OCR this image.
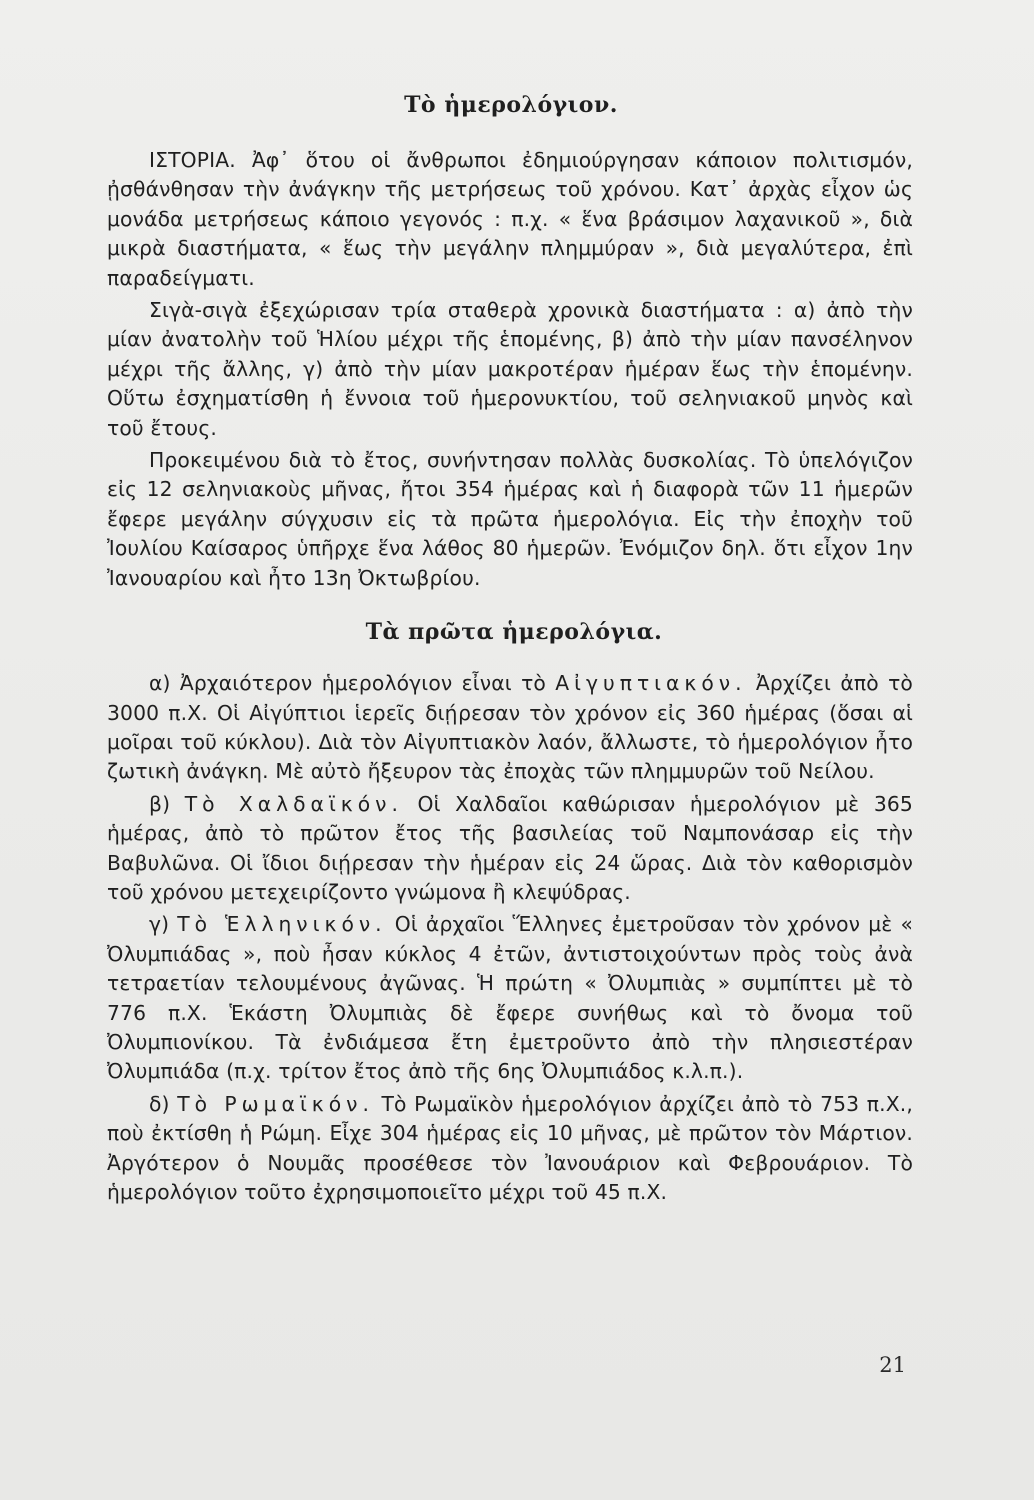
Τὸ ἡμερολόγιον.

ΙΣΤΟΡΙΑ. Ἀφ᾽ ὅτου οἱ ἄνθρωποι ἐδημιούργησαν κάποιον πολιτισμόν, ᾐσθάνθησαν τὴν ἀνάγκην τῆς μετρήσεως τοῦ χρόνου. Κατ᾽ ἀρχὰς εἶχον ὡς μονάδα μετρήσεως κάποιο γεγονός : π.χ. « ἕνα βράσιμον λαχανικοῦ », διὰ μικρὰ διαστήματα, « ἕως τὴν μεγάλην πλημμύραν », διὰ μεγαλύτερα, ἐπὶ παραδείγματι.

Σιγὰ-σιγὰ ἐξεχώρισαν τρία σταθερὰ χρονικὰ διαστήματα : α) ἀπὸ τὴν μίαν ἀνατολὴν τοῦ Ἡλίου μέχρι τῆς ἑπομένης, β) ἀπὸ τὴν μίαν πανσέληνον μέχρι τῆς ἄλλης, γ) ἀπὸ τὴν μίαν μακροτέραν ἡμέραν ἕως τὴν ἑπομένην. Οὕτω ἐσχηματίσθη ἡ ἔννοια τοῦ ἡμερονυκτίου, τοῦ σεληνιακοῦ μηνὸς καὶ τοῦ ἔτους.

Προκειμένου διὰ τὸ ἔτος, συνήντησαν πολλὰς δυσκολίας. Τὸ ὑπελόγιζον εἰς 12 σεληνιακοὺς μῆνας, ἤτοι 354 ἡμέρας καὶ ἡ διαφορὰ τῶν 11 ἡμερῶν ἔφερε μεγάλην σύγχυσιν εἰς τὰ πρῶτα ἡμερολόγια. Εἰς τὴν ἐποχὴν τοῦ Ἰουλίου Καίσαρος ὑπῆρχε ἕνα λάθος 80 ἡμερῶν. Ἐνόμιζον δηλ. ὅτι εἶχον 1ην Ἰανουαρίου καὶ ἦτο 13η Ὀκτωβρίου.

Τὰ πρῶτα ἡμερολόγια.

α) Ἀρχαιότερον ἡμερολόγιον εἶναι τὸ Αἰγυπτιακόν. Ἀρχίζει ἀπὸ τὸ 3000 π.Χ. Οἱ Αἰγύπτιοι ἱερεῖς διῄρεσαν τὸν χρόνον εἰς 360 ἡμέρας (ὅσαι αἱ μοῖραι τοῦ κύκλου). Διὰ τὸν Αἰγυπτιακὸν λαόν, ἄλλωστε, τὸ ἡμερολόγιον ἦτο ζωτικὴ ἀνάγκη. Μὲ αὐτὸ ἤξευρον τὰς ἐποχὰς τῶν πλημμυρῶν τοῦ Νείλου.

β) Τὸ Χαλδαϊκόν. Οἱ Χαλδαῖοι καθώρισαν ἡμερολόγιον μὲ 365 ἡμέρας, ἀπὸ τὸ πρῶτον ἔτος τῆς βασιλείας τοῦ Ναμπονάσαρ εἰς τὴν Βαβυλῶνα. Οἱ ἴδιοι διῄρεσαν τὴν ἡμέραν εἰς 24 ὥρας. Διὰ τὸν καθορισμὸν τοῦ χρόνου μετεχειρίζοντο γνώμονα ἢ κλεψύδρας.

γ) Τὸ Ἑλληνικόν. Οἱ ἀρχαῖοι Ἕλληνες ἐμετροῦσαν τὸν χρόνον μὲ « Ὀλυμπιάδας », ποὺ ἦσαν κύκλος 4 ἐτῶν, ἀντιστοιχούντων πρὸς τοὺς ἀνὰ τετραετίαν τελουμένους ἀγῶνας. Ἡ πρώτη « Ὀλυμπιὰς » συμπίπτει μὲ τὸ 776 π.Χ. Ἑκάστη Ὀλυμπιὰς δὲ ἔφερε συνήθως καὶ τὸ ὄνομα τοῦ Ὀλυμπιονίκου. Τὰ ἐνδιάμεσα ἔτη ἐμετροῦντο ἀπὸ τὴν πλησιεστέραν Ὀλυμπιάδα (π.χ. τρίτον ἔτος ἀπὸ τῆς 6ης Ὀλυμπιάδος κ.λ.π.).

δ) Τὸ Ρωμαϊκόν. Τὸ Ρωμαϊκὸν ἡμερολόγιον ἀρχίζει ἀπὸ τὸ 753 π.Χ., ποὺ ἐκτίσθη ἡ Ρώμη. Εἶχε 304 ἡμέρας εἰς 10 μῆνας, μὲ πρῶτον τὸν Μάρτιον. Ἀργότερον ὁ Νουμᾶς προσέθεσε τὸν Ἰανουάριον καὶ Φεβρουάριον. Τὸ ἡμερολόγιον τοῦτο ἐχρησιμοποιεῖτο μέχρι τοῦ 45 π.Χ.

21
